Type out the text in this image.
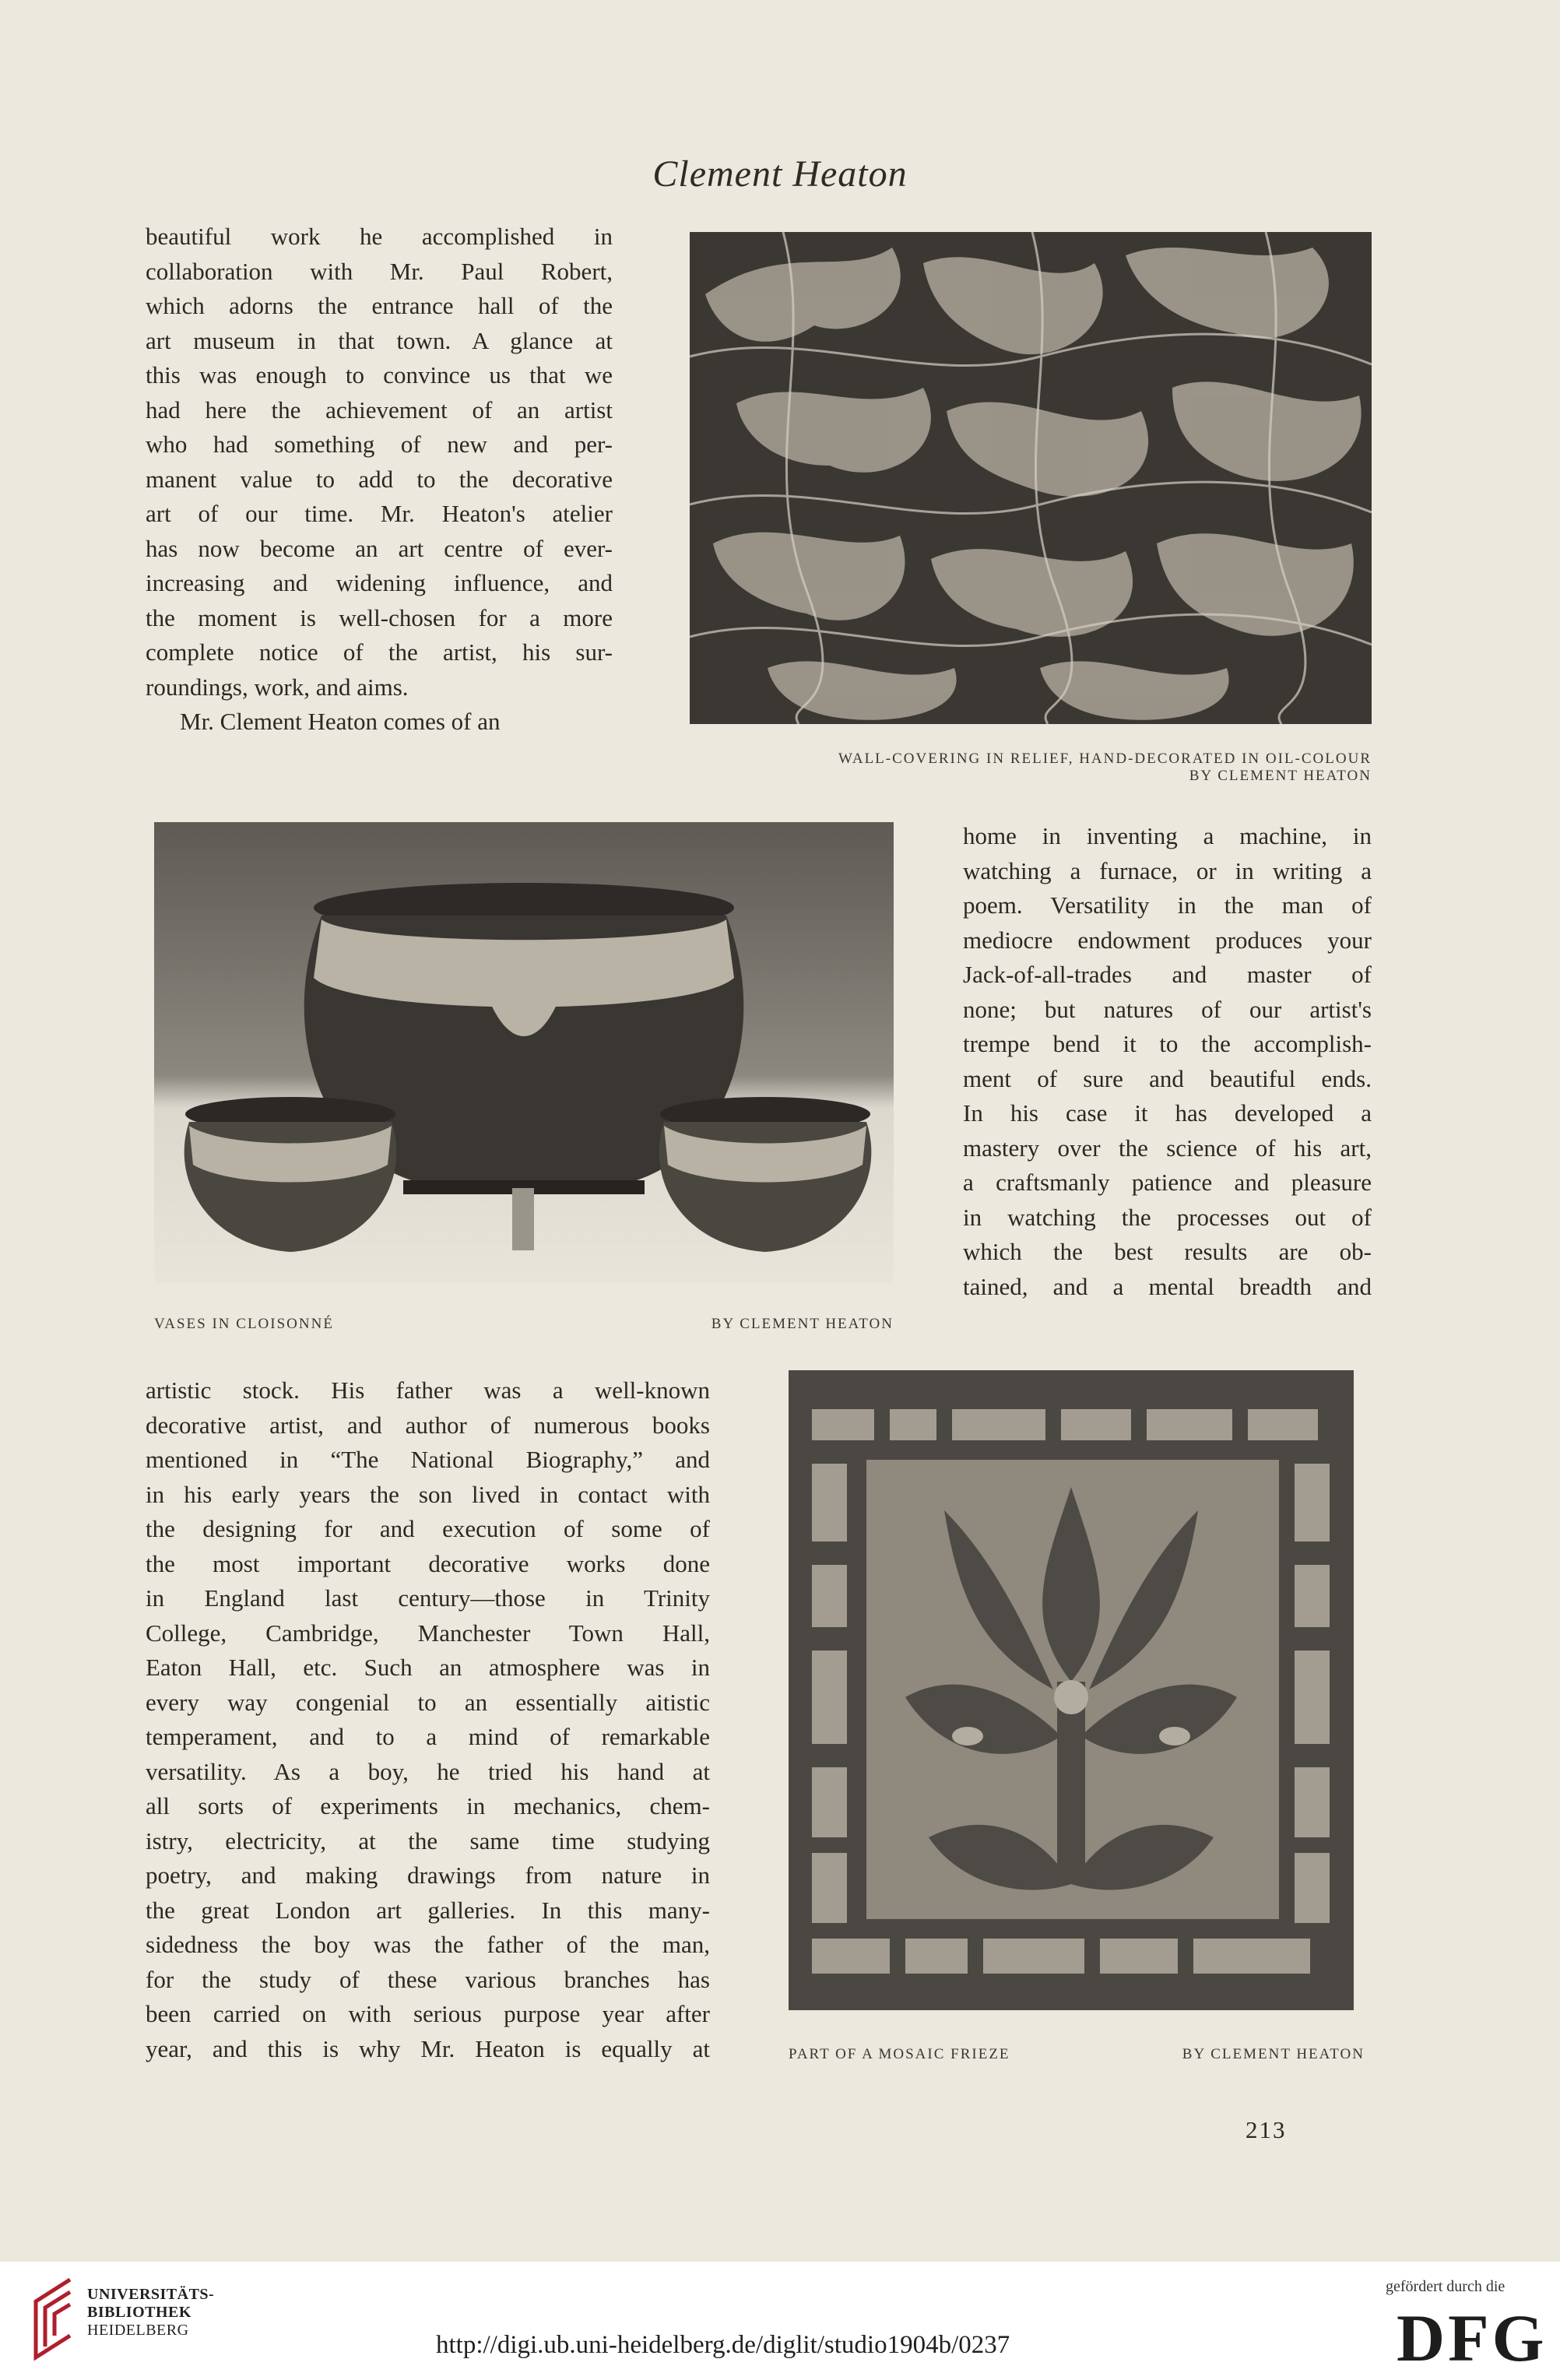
Clement Heaton

beautiful work he accomplished in
collaboration with Mr. Paul Robert,
which adorns the entrance hall of the
art museum in that town. A glance at
this was enough to convince us that we
had here the achievement of an artist
who had something of new and per-
manent value to add to the decorative
art of our time. Mr. Heaton's atelier
has now become an art centre of ever-
increasing and widening influence, and
the moment is well-chosen for a more
complete notice of the artist, his sur-
roundings, work, and aims.

Mr. Clement Heaton comes of an

WALL-COVERING IN RELIEF, HAND-DECORATED IN OIL-COLOUR
BY CLEMENT HEATON
VASES IN CLOISONNÉ	BY CLEMENT HEATON

home in inventing a machine, in
watching a furnace, or in writing a
poem. Versatility in the man of
mediocre endowment produces your
Jack-of-all-trades and master of
none; but natures of our artist's
trempe bend it to the accomplish-
ment of sure and beautiful ends.
In his case it has developed a
mastery over the science of his art,
a craftsmanly patience and pleasure
in watching the processes out of
which the best results are ob-
tained, and a mental breadth and

artistic stock. His father was a well-known
decorative artist, and author of numerous books
mentioned in “The National Biography,” and
in his early years the son lived in contact with
the designing for and execution of some of
the most important decorative works done
in England last century—those in Trinity
College, Cambridge, Manchester Town Hall,
Eaton Hall, etc. Such an atmosphere was in
every way congenial to an essentially aitistic
temperament, and to a mind of remarkable
versatility. As a boy, he tried his hand at
all sorts of experiments in mechanics, chem-
istry, electricity, at the same time studying
poetry, and making drawings from nature in
the great London art galleries. In this many-
sidedness the boy was the father of the man,
for the study of these various branches has
been carried on with serious purpose year after
year, and this is why Mr. Heaton is equally at	PART OF A MOSAIC FRIEZE	BY CLEMENT HEATON
213
UNIVERSITÄTS-
BIBLIOTHEK
HEIDELBERG
http://digi.ub.uni-heidelberg.de/diglit/studio1904b/0237
gefördert durch die
DFG
